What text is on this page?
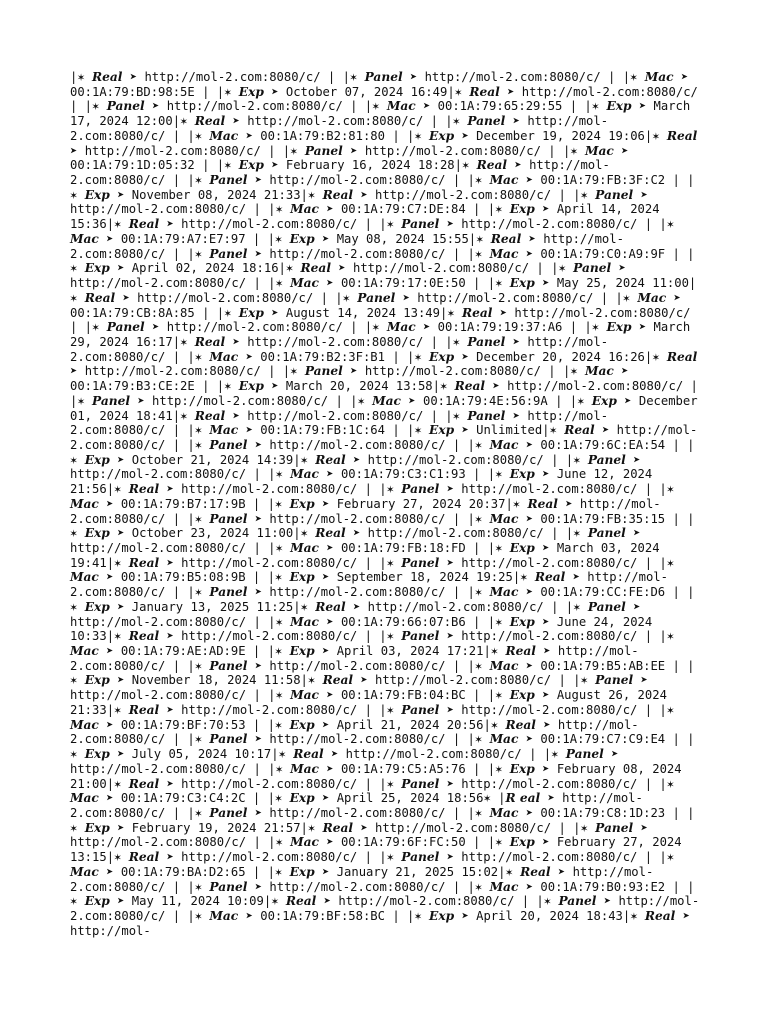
|✶ Real ➤ http://mol-2.com:8080/c/ | |✶ Panel ➤ http://mol-2.com:8080/c/ | |✶ Mac ➤ 00:1A:79:BD:98:5E | |✶ Exp ➤ October 07, 2024 16:49|✶ Real ➤ http://mol-2.com:8080/c/ | |✶ Panel ➤ http://mol-2.com:8080/c/ | |✶ Mac ➤ 00:1A:79:65:29:55 | |✶ Exp ➤ March 17, 2024 12:00|✶ Real ➤ http://mol-2.com:8080/c/ | |✶ Panel ➤ http://mol-2.com:8080/c/ | |✶ Mac ➤ 00:1A:79:B2:81:80 | |✶ Exp ➤ December 19, 2024 19:06|✶ Real ➤ http://mol-2.com:8080/c/ | |✶ Panel ➤ http://mol-2.com:8080/c/ | |✶ Mac ➤ 00:1A:79:1D:05:32 | |✶ Exp ➤ February 16, 2024 18:28|✶ Real ➤ http://mol-2.com:8080/c/ | |✶ Panel ➤ http://mol-2.com:8080/c/ | |✶ Mac ➤ 00:1A:79:FB:3F:C2 | |✶ Exp ➤ November 08, 2024 21:33|✶ Real ➤ http://mol-2.com:8080/c/ | |✶ Panel ➤ http://mol-2.com:8080/c/ | |✶ Mac ➤ 00:1A:79:C7:DE:84 | |✶ Exp ➤ April 14, 2024 15:36|✶ Real ➤ http://mol-2.com:8080/c/ | |✶ Panel ➤ http://mol-2.com:8080/c/ | |✶ Mac ➤ 00:1A:79:A7:E7:97 | |✶ Exp ➤ May 08, 2024 15:55|✶ Real ➤ http://mol-2.com:8080/c/ | |✶ Panel ➤ http://mol-2.com:8080/c/ | |✶ Mac ➤ 00:1A:79:C0:A9:9F | |✶ Exp ➤ April 02, 2024 18:16|✶ Real ➤ http://mol-2.com:8080/c/ | |✶ Panel ➤ http://mol-2.com:8080/c/ | |✶ Mac ➤ 00:1A:79:17:0E:50 | |✶ Exp ➤ May 25, 2024 11:00|✶ Real ➤ http://mol-2.com:8080/c/ | |✶ Panel ➤ http://mol-2.com:8080/c/ | |✶ Mac ➤ 00:1A:79:CB:8A:85 | |✶ Exp ➤ August 14, 2024 13:49|✶ Real ➤ http://mol-2.com:8080/c/ | |✶ Panel ➤ http://mol-2.com:8080/c/ | |✶ Mac ➤ 00:1A:79:19:37:A6 | |✶ Exp ➤ March 29, 2024 16:17|✶ Real ➤ http://mol-2.com:8080/c/ | |✶ Panel ➤ http://mol-2.com:8080/c/ | |✶ Mac ➤ 00:1A:79:B2:3F:B1 | |✶ Exp ➤ December 20, 2024 16:26|✶ Real ➤ http://mol-2.com:8080/c/ | |✶ Panel ➤ http://mol-2.com:8080/c/ | |✶ Mac ➤ 00:1A:79:B3:CE:2E | |✶ Exp ➤ March 20, 2024 13:58|✶ Real ➤ http://mol-2.com:8080/c/ | |✶ Panel ➤ http://mol-2.com:8080/c/ | |✶ Mac ➤ 00:1A:79:4E:56:9A | |✶ Exp ➤ December 01, 2024 18:41|✶ Real ➤ http://mol-2.com:8080/c/ | |✶ Panel ➤ http://mol-2.com:8080/c/ | |✶ Mac ➤ 00:1A:79:FB:1C:64 | |✶ Exp ➤ Unlimited|✶ Real ➤ http://mol-2.com:8080/c/ | |✶ Panel ➤ http://mol-2.com:8080/c/ | |✶ Mac ➤ 00:1A:79:6C:EA:54 | |✶ Exp ➤ October 21, 2024 14:39|✶ Real ➤ http://mol-2.com:8080/c/ | |✶ Panel ➤ http://mol-2.com:8080/c/ | |✶ Mac ➤ 00:1A:79:C3:C1:93 | |✶ Exp ➤ June 12, 2024 21:56|✶ Real ➤ http://mol-2.com:8080/c/ | |✶ Panel ➤ http://mol-2.com:8080/c/ | |✶ Mac ➤ 00:1A:79:B7:17:9B | |✶ Exp ➤ February 27, 2024 20:37|✶ Real ➤ http://mol-2.com:8080/c/ | |✶ Panel ➤ http://mol-2.com:8080/c/ | |✶ Mac ➤ 00:1A:79:FB:35:15 | |✶ Exp ➤ October 23, 2024 11:00|✶ Real ➤ http://mol-2.com:8080/c/ | |✶ Panel ➤ http://mol-2.com:8080/c/ | |✶ Mac ➤ 00:1A:79:FB:18:FD | |✶ Exp ➤ March 03, 2024 19:41|✶ Real ➤ http://mol-2.com:8080/c/ | |✶ Panel ➤ http://mol-2.com:8080/c/ | |✶ Mac ➤ 00:1A:79:B5:08:9B | |✶ Exp ➤ September 18, 2024 19:25|✶ Real ➤ http://mol-2.com:8080/c/ | |✶ Panel ➤ http://mol-2.com:8080/c/ | |✶ Mac ➤ 00:1A:79:CC:FE:D6 | |✶ Exp ➤ January 13, 2025 11:25|✶ Real ➤ http://mol-2.com:8080/c/ | |✶ Panel ➤ http://mol-2.com:8080/c/ | |✶ Mac ➤ 00:1A:79:66:07:B6 | |✶ Exp ➤ June 24, 2024 10:33|✶ Real ➤ http://mol-2.com:8080/c/ | |✶ Panel ➤ http://mol-2.com:8080/c/ | |✶ Mac ➤ 00:1A:79:AE:AD:9E | |✶ Exp ➤ April 03, 2024 17:21|✶ Real ➤ http://mol-2.com:8080/c/ | |✶ Panel ➤ http://mol-2.com:8080/c/ | |✶ Mac ➤ 00:1A:79:B5:AB:EE | |✶ Exp ➤ November 18, 2024 11:58|✶ Real ➤ http://mol-2.com:8080/c/ | |✶ Panel ➤ http://mol-2.com:8080/c/ | |✶ Mac ➤ 00:1A:79:FB:04:BC | |✶ Exp ➤ August 26, 2024 21:33|✶ Real ➤ http://mol-2.com:8080/c/ | |✶ Panel ➤ http://mol-2.com:8080/c/ | |✶ Mac ➤ 00:1A:79:BF:70:53 | |✶ Exp ➤ April 21, 2024 20:56|✶ Real ➤ http://mol-2.com:8080/c/ | |✶ Panel ➤ http://mol-2.com:8080/c/ | |✶ Mac ➤ 00:1A:79:C7:C9:E4 | |✶ Exp ➤ July 05, 2024 10:17|✶ Real ➤ http://mol-2.com:8080/c/ | |✶ Panel ➤ http://mol-2.com:8080/c/ | |✶ Mac ➤ 00:1A:79:C5:A5:76 | |✶ Exp ➤ February 08, 2024 21:00|✶ Real ➤ http://mol-2.com:8080/c/ | |✶ Panel ➤ http://mol-2.com:8080/c/ | |✶ Mac ➤ 00:1A:79:C3:C4:2C | |✶ Exp ➤ April 25, 2024 18:56✶ |R eal ➤ http://mol-2.com:8080/c/ | |✶ Panel ➤ http://mol-2.com:8080/c/ | |✶ Mac ➤ 00:1A:79:C8:1D:23 | |✶ Exp ➤ February 19, 2024 21:57|✶ Real ➤ http://mol-2.com:8080/c/ | |✶ Panel ➤ http://mol-2.com:8080/c/ | |✶ Mac ➤ 00:1A:79:6F:FC:50 | |✶ Exp ➤ February 27, 2024 13:15|✶ Real ➤ http://mol-2.com:8080/c/ | |✶ Panel ➤ http://mol-2.com:8080/c/ | |✶ Mac ➤ 00:1A:79:BA:D2:65 | |✶ Exp ➤ January 21, 2025 15:02|✶ Real ➤ http://mol-2.com:8080/c/ | |✶ Panel ➤ http://mol-2.com:8080/c/ | |✶ Mac ➤ 00:1A:79:B0:93:E2 | |✶ Exp ➤ May 11, 2024 10:09|✶ Real ➤ http://mol-2.com:8080/c/ | |✶ Panel ➤ http://mol-2.com:8080/c/ | |✶ Mac ➤ 00:1A:79:BF:58:BC | |✶ Exp ➤ April 20, 2024 18:43|✶ Real ➤ http://mol-
